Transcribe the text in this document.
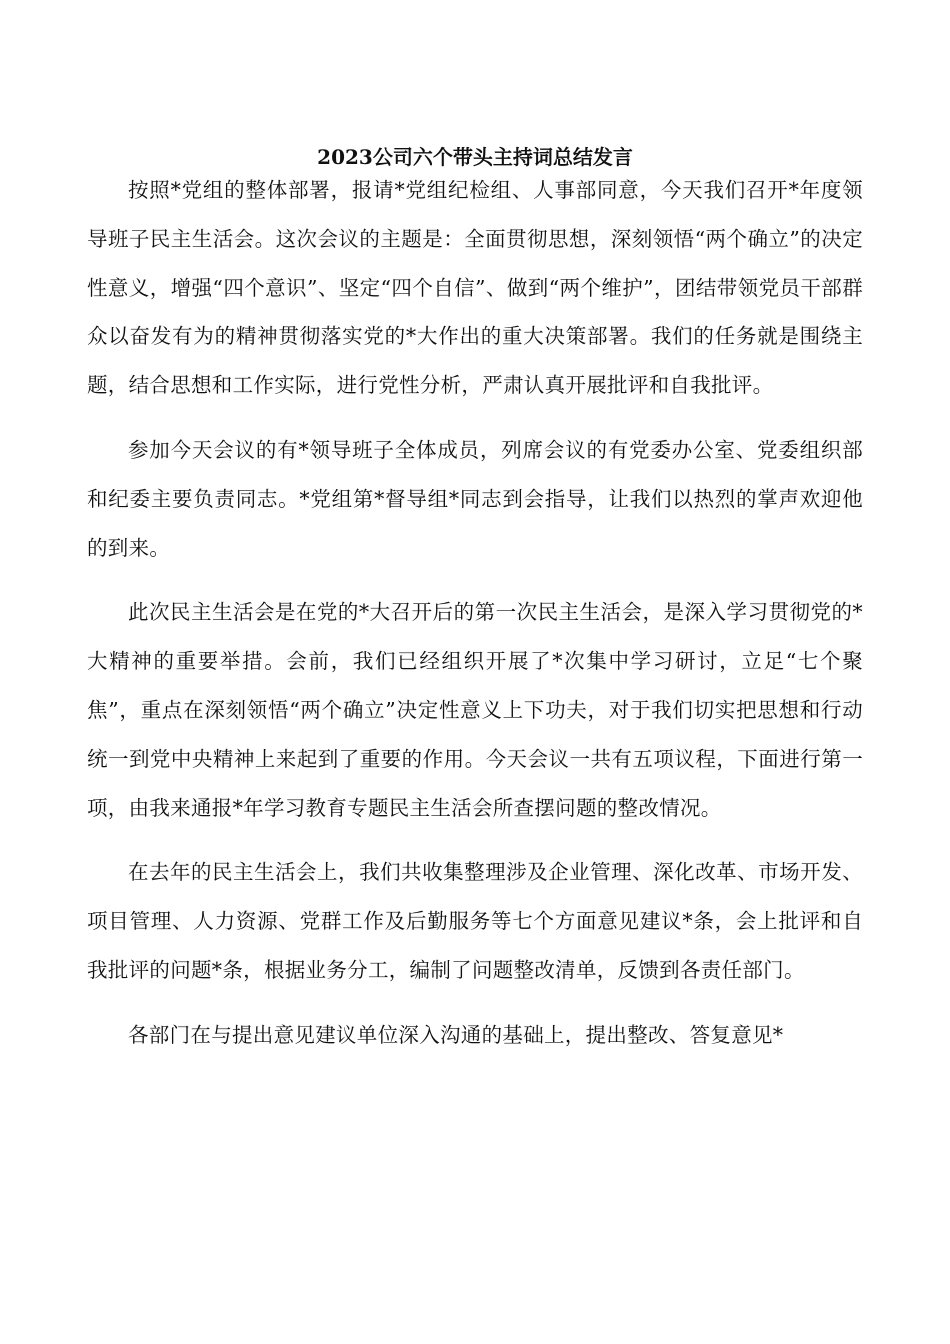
2023公司六个带头主持词总结发言

按照*党组的整体部署，报请*党组纪检组、人事部同意，今天我们召开*年度领导班子民主生活会。这次会议的主题是：全面贯彻思想，深刻领悟“两个确立”的决定性意义，增强“四个意识”、坚定“四个自信”、做到“两个维护”，团结带领党员干部群众以奋发有为的精神贯彻落实党的*大作出的重大决策部署。我们的任务就是围绕主题，结合思想和工作实际，进行党性分析，严肃认真开展批评和自我批评。

参加今天会议的有*领导班子全体成员，列席会议的有党委办公室、党委组织部和纪委主要负责同志。*党组第*督导组*同志到会指导，让我们以热烈的掌声欢迎他的到来。

此次民主生活会是在党的*大召开后的第一次民主生活会，是深入学习贯彻党的*大精神的重要举措。会前，我们已经组织开展了*次集中学习研讨，立足“七个聚焦”，重点在深刻领悟“两个确立”决定性意义上下功夫，对于我们切实把思想和行动统一到党中央精神上来起到了重要的作用。今天会议一共有五项议程，下面进行第一项，由我来通报*年学习教育专题民主生活会所查摆问题的整改情况。

在去年的民主生活会上，我们共收集整理涉及企业管理、深化改革、市场开发、项目管理、人力资源、党群工作及后勤服务等七个方面意见建议*条，会上批评和自我批评的问题*条，根据业务分工，编制了问题整改清单，反馈到各责任部门。

各部门在与提出意见建议单位深入沟通的基础上，提出整改、答复意见*
